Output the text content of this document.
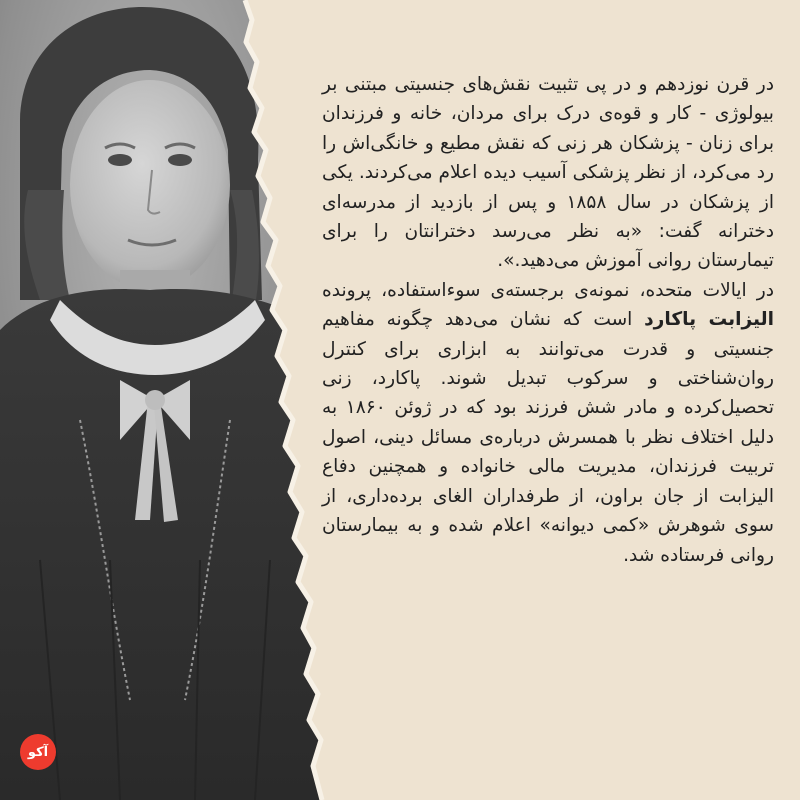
در قرن نوزدهم و در پی تثبیت نقش‌های جنسیتی مبتنی بر بیولوژی - کار و قوه‌ی درک برای مردان، خانه و فرزندان برای زنان - پزشکان هر زنی که نقش مطیع و خانگی‌اش را رد می‌کرد، از نظر پزشکی آسیب دیده اعلام می‌کردند. یکی از پزشکان در سال ۱۸۵۸ و پس از بازدید از مدرسه‌ای دخترانه گفت: «به نظر می‌رسد دخترانتان را برای تیمارستان روانی آموزش می‌دهید.».

در ایالات متحده، نمونه‌ی برجسته‌ی سوءاستفاده، پرونده الیزابت پاکارد است که نشان می‌دهد چگونه مفاهیم جنسیتی و قدرت می‌توانند به ابزاری برای کنترل روان‌شناختی و سرکوب تبدیل شوند. پاکارد، زنی تحصیل‌کرده و مادر شش فرزند بود که در ژوئن ۱۸۶۰ به دلیل اختلاف نظر با همسرش درباره‌ی مسائل دینی، اصول تربیت فرزندان، مدیریت مالی خانواده و همچنین دفاع الیزابت از جان براون، از طرفداران الغای برده‌داری، از سوی شوهرش «کمی دیوانه» اعلام شده و به بیمارستان روانی فرستاده شد.

آکو
